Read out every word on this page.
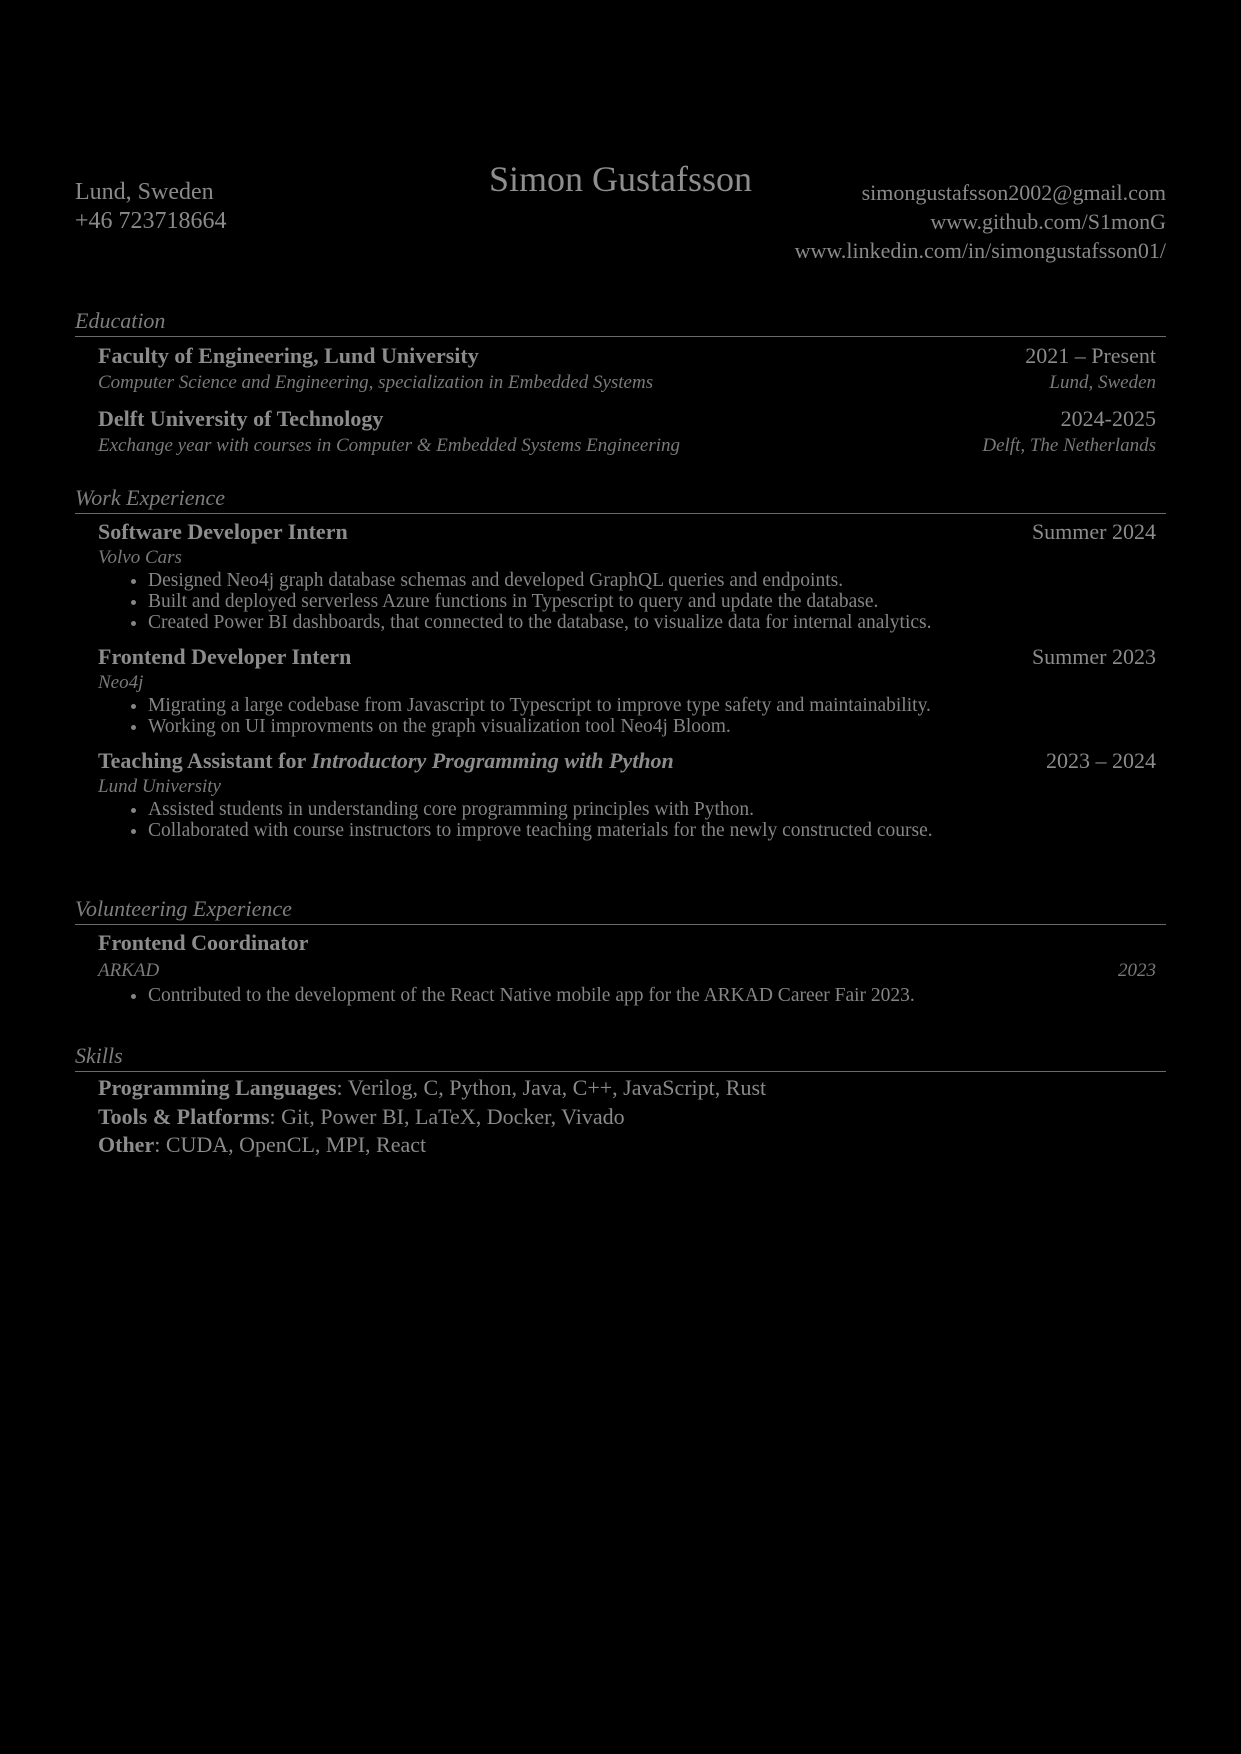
Lund, Sweden
+46 723718664
Simon Gustafsson	simongustafsson2002@gmail.com
www.github.com/S1monG
www.linkedin.com/in/simongustafsson01/
Education
Faculty of Engineering, Lund University	2021 – Present
Computer Science and Engineering, specialization in Embedded Systems	Lund, Sweden
Delft University of Technology	2024-2025
Exchange year with courses in Computer & Embedded Systems Engineering	Delft, The Netherlands
Work Experience
Software Developer Intern	Summer 2024
Volvo Cars
• Designed Neo4j graph database schemas and developed GraphQL queries and endpoints.
• Built and deployed serverless Azure functions in Typescript to query and update the database.
• Created Power BI dashboards, that connected to the database, to visualize data for internal analytics.
Frontend Developer Intern	Summer 2023
Neo4j
• Migrating a large codebase from Javascript to Typescript to improve type safety and maintainability.
• Working on UI improvments on the graph visualization tool Neo4j Bloom.
Teaching Assistant for Introductory Programming with Python	2023 – 2024
Lund University
• Assisted students in understanding core programming principles with Python.
• Collaborated with course instructors to improve teaching materials for the newly constructed course.
Volunteering Experience
Frontend Coordinator
ARKAD	2023
• Contributed to the development of the React Native mobile app for the ARKAD Career Fair 2023.
Skills
Programming Languages: Verilog, C, Python, Java, C++, JavaScript, Rust
Tools & Platforms: Git, Power BI, LaTeX, Docker, Vivado
Other: CUDA, OpenCL, MPI, React
